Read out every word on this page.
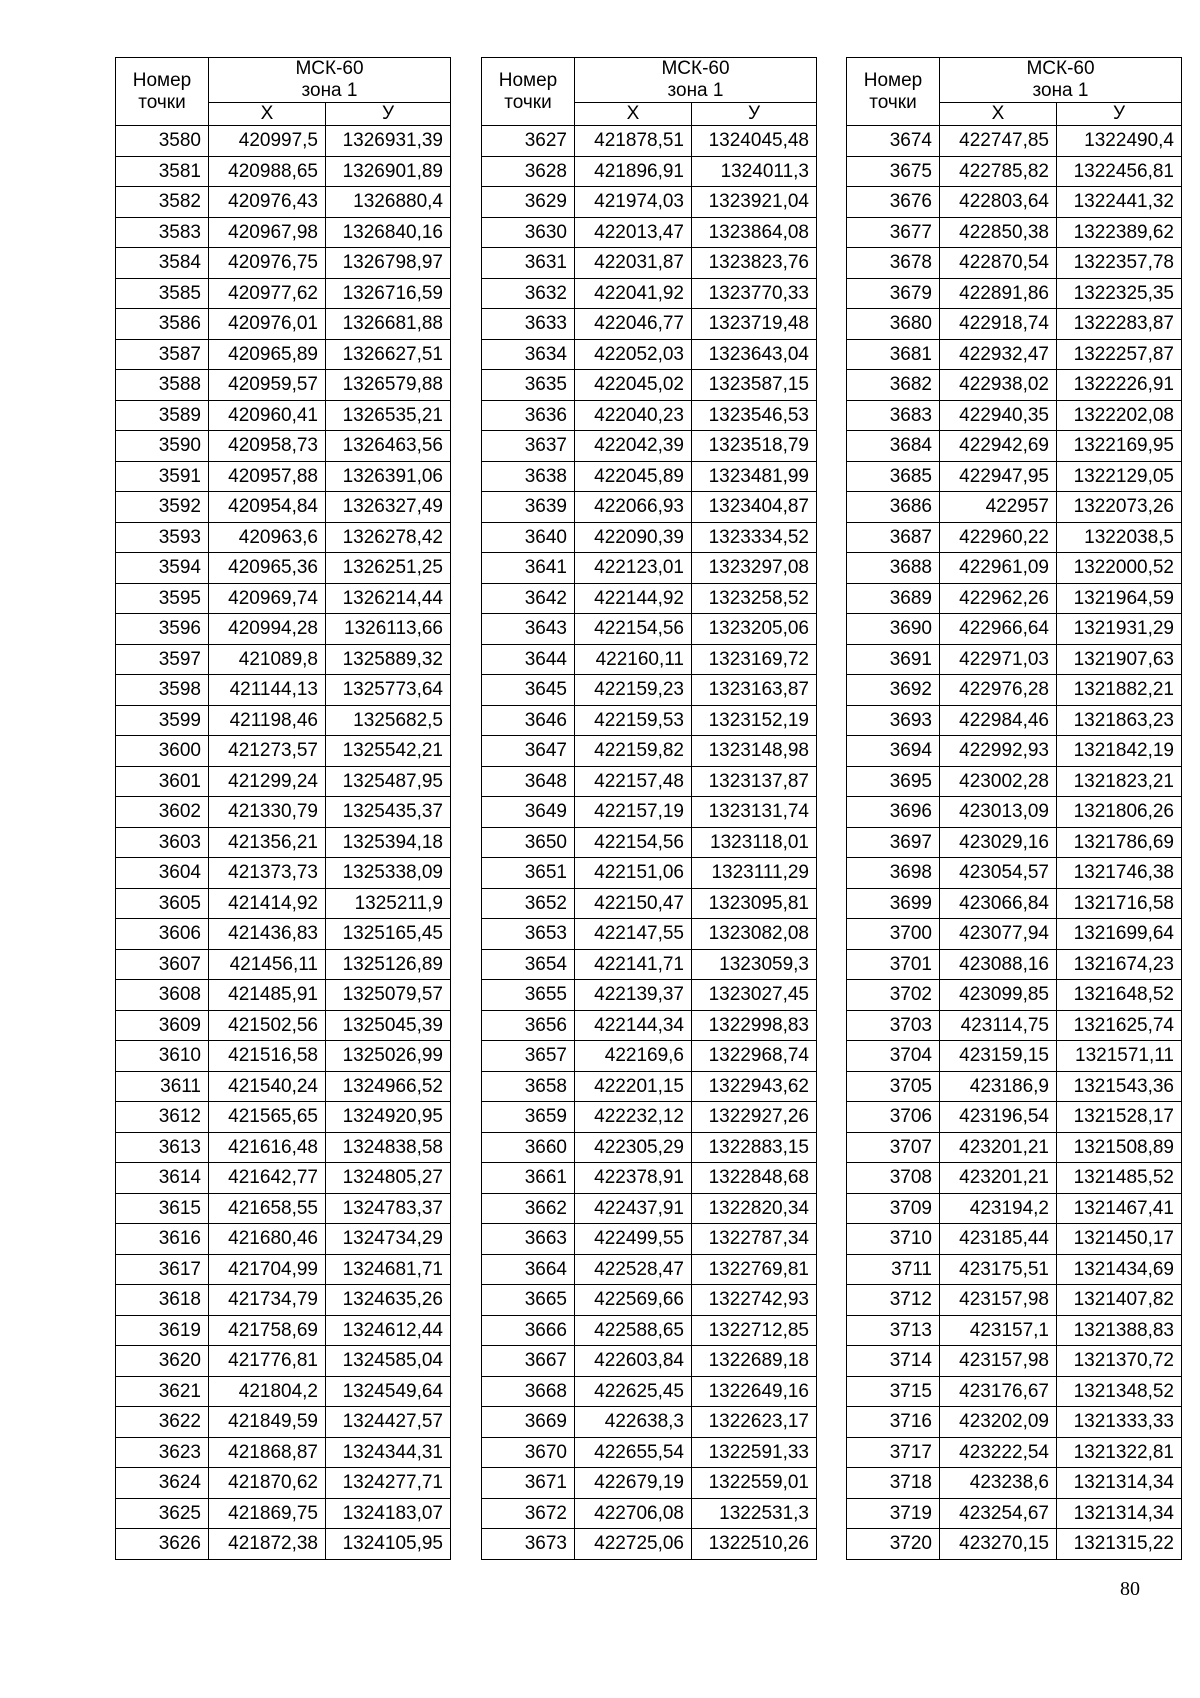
Номер
точки	МСК-60
зона 1	
	Х	У
3580	420997,5	1326931,39
3581	420988,65	1326901,89
3582	420976,43	1326880,4
3583	420967,98	1326840,16
3584	420976,75	1326798,97
3585	420977,62	1326716,59
3586	420976,01	1326681,88
3587	420965,89	1326627,51
3588	420959,57	1326579,88
3589	420960,41	1326535,21
3590	420958,73	1326463,56
3591	420957,88	1326391,06
3592	420954,84	1326327,49
3593	420963,6	1326278,42
3594	420965,36	1326251,25
3595	420969,74	1326214,44
3596	420994,28	1326113,66
3597	421089,8	1325889,32
3598	421144,13	1325773,64
3599	421198,46	1325682,5
3600	421273,57	1325542,21
3601	421299,24	1325487,95
3602	421330,79	1325435,37
3603	421356,21	1325394,18
3604	421373,73	1325338,09
3605	421414,92	1325211,9
3606	421436,83	1325165,45
3607	421456,11	1325126,89
3608	421485,91	1325079,57
3609	421502,56	1325045,39
3610	421516,58	1325026,99
3611	421540,24	1324966,52
3612	421565,65	1324920,95
3613	421616,48	1324838,58
3614	421642,77	1324805,27
3615	421658,55	1324783,37
3616	421680,46	1324734,29
3617	421704,99	1324681,71
3618	421734,79	1324635,26
3619	421758,69	1324612,44
3620	421776,81	1324585,04
3621	421804,2	1324549,64
3622	421849,59	1324427,57
3623	421868,87	1324344,31
3624	421870,62	1324277,71
3625	421869,75	1324183,07
3626	421872,38	1324105,95
Номер
точки	МСК-60
зона 1	
	Х	У
3627	421878,51	1324045,48
3628	421896,91	1324011,3
3629	421974,03	1323921,04
3630	422013,47	1323864,08
3631	422031,87	1323823,76
3632	422041,92	1323770,33
3633	422046,77	1323719,48
3634	422052,03	1323643,04
3635	422045,02	1323587,15
3636	422040,23	1323546,53
3637	422042,39	1323518,79
3638	422045,89	1323481,99
3639	422066,93	1323404,87
3640	422090,39	1323334,52
3641	422123,01	1323297,08
3642	422144,92	1323258,52
3643	422154,56	1323205,06
3644	422160,11	1323169,72
3645	422159,23	1323163,87
3646	422159,53	1323152,19
3647	422159,82	1323148,98
3648	422157,48	1323137,87
3649	422157,19	1323131,74
3650	422154,56	1323118,01
3651	422151,06	1323111,29
3652	422150,47	1323095,81
3653	422147,55	1323082,08
3654	422141,71	1323059,3
3655	422139,37	1323027,45
3656	422144,34	1322998,83
3657	422169,6	1322968,74
3658	422201,15	1322943,62
3659	422232,12	1322927,26
3660	422305,29	1322883,15
3661	422378,91	1322848,68
3662	422437,91	1322820,34
3663	422499,55	1322787,34
3664	422528,47	1322769,81
3665	422569,66	1322742,93
3666	422588,65	1322712,85
3667	422603,84	1322689,18
3668	422625,45	1322649,16
3669	422638,3	1322623,17
3670	422655,54	1322591,33
3671	422679,19	1322559,01
3672	422706,08	1322531,3
3673	422725,06	1322510,26
Номер
точки	МСК-60
зона 1	
	Х	У
3674	422747,85	1322490,4
3675	422785,82	1322456,81
3676	422803,64	1322441,32
3677	422850,38	1322389,62
3678	422870,54	1322357,78
3679	422891,86	1322325,35
3680	422918,74	1322283,87
3681	422932,47	1322257,87
3682	422938,02	1322226,91
3683	422940,35	1322202,08
3684	422942,69	1322169,95
3685	422947,95	1322129,05
3686	422957	1322073,26
3687	422960,22	1322038,5
3688	422961,09	1322000,52
3689	422962,26	1321964,59
3690	422966,64	1321931,29
3691	422971,03	1321907,63
3692	422976,28	1321882,21
3693	422984,46	1321863,23
3694	422992,93	1321842,19
3695	423002,28	1321823,21
3696	423013,09	1321806,26
3697	423029,16	1321786,69
3698	423054,57	1321746,38
3699	423066,84	1321716,58
3700	423077,94	1321699,64
3701	423088,16	1321674,23
3702	423099,85	1321648,52
3703	423114,75	1321625,74
3704	423159,15	1321571,11
3705	423186,9	1321543,36
3706	423196,54	1321528,17
3707	423201,21	1321508,89
3708	423201,21	1321485,52
3709	423194,2	1321467,41
3710	423185,44	1321450,17
3711	423175,51	1321434,69
3712	423157,98	1321407,82
3713	423157,1	1321388,83
3714	423157,98	1321370,72
3715	423176,67	1321348,52
3716	423202,09	1321333,33
3717	423222,54	1321322,81
3718	423238,6	1321314,34
3719	423254,67	1321314,34
3720	423270,15	1321315,22
80
